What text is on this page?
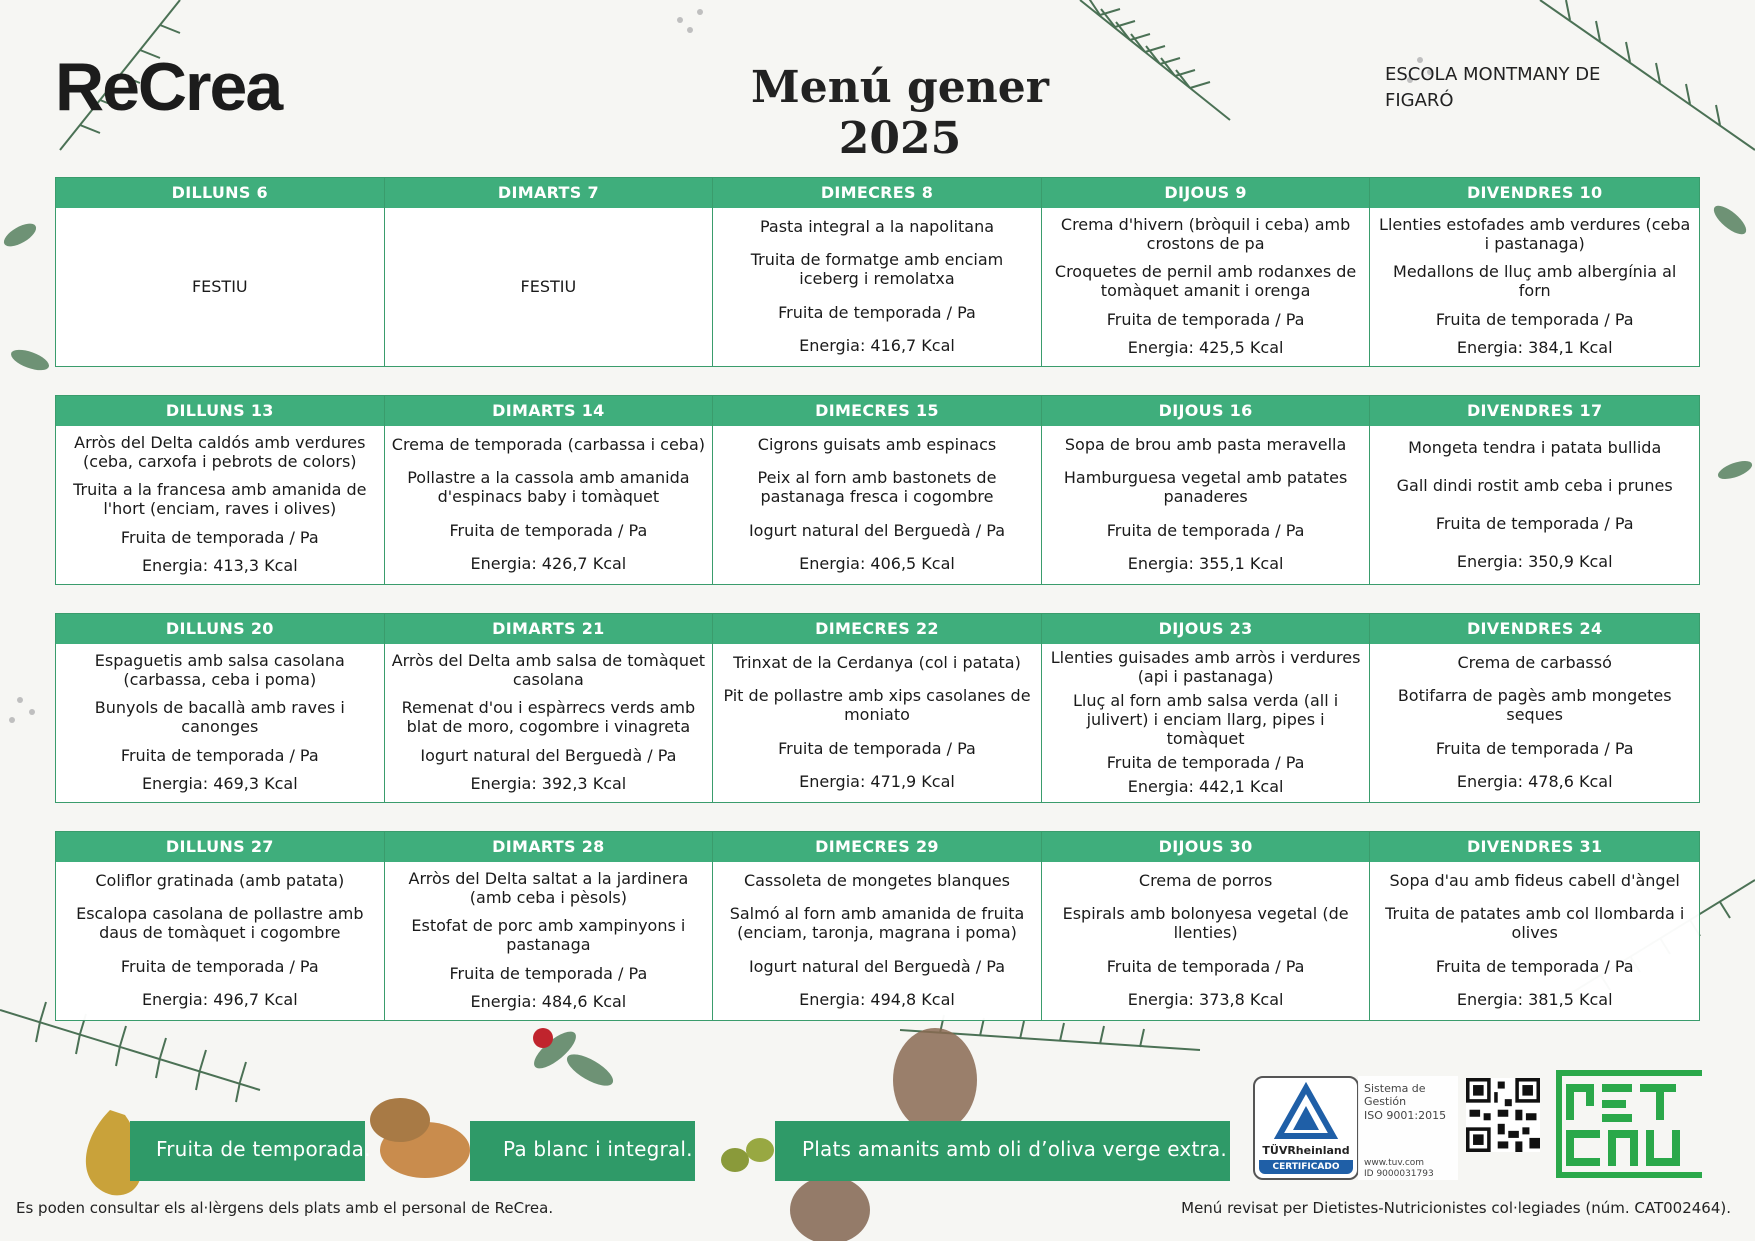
ReCrea	Menú gener 2025
ESCOLA MONTMANY DE FIGARÓ
DILLUNS 6
FESTIU
DIMARTS 7
FESTIU
DIMECRES 8
Pasta integral a la napolitana
Truita de formatge amb enciam iceberg i remolatxa
Fruita de temporada / Pa
Energia: 416,7 Kcal
DIJOUS 9
Crema d'hivern (bròquil i ceba) amb crostons de pa
Croquetes de pernil amb rodanxes de tomàquet amanit i orenga
Fruita de temporada / Pa
Energia: 425,5 Kcal
DIVENDRES 10
Llenties estofades amb verdures (ceba i pastanaga)
Medallons de lluç amb albergínia al forn
Fruita de temporada / Pa
Energia: 384,1 Kcal
DILLUNS 13
Arròs del Delta caldós amb verdures (ceba, carxofa i pebrots de colors)
Truita a la francesa amb amanida de l'hort (enciam, raves i olives)
Fruita de temporada / Pa
Energia: 413,3 Kcal
DIMARTS 14
Crema de temporada (carbassa i ceba)
Pollastre a la cassola amb amanida d'espinacs baby i tomàquet
Fruita de temporada / Pa
Energia: 426,7 Kcal
DIMECRES 15
Cigrons guisats amb espinacs
Peix al forn amb bastonets de pastanaga fresca i cogombre
Iogurt natural del Berguedà / Pa
Energia: 406,5 Kcal
DIJOUS 16
Sopa de brou amb pasta meravella
Hamburguesa vegetal amb patates panaderes
Fruita de temporada / Pa
Energia: 355,1 Kcal
DIVENDRES 17
Mongeta tendra i patata bullida
Gall dindi rostit amb ceba i prunes
Fruita de temporada / Pa
Energia: 350,9 Kcal
DILLUNS 20
Espaguetis amb salsa casolana (carbassa, ceba i poma)
Bunyols de bacallà amb raves i canonges
Fruita de temporada / Pa
Energia: 469,3 Kcal
DIMARTS 21
Arròs del Delta amb salsa de tomàquet casolana
Remenat d'ou i espàrrecs verds amb blat de moro, cogombre i vinagreta
Iogurt natural del Berguedà / Pa
Energia: 392,3 Kcal
DIMECRES 22
Trinxat de la Cerdanya (col i patata)
Pit de pollastre amb xips casolanes de moniato
Fruita de temporada / Pa
Energia: 471,9 Kcal
DIJOUS 23
Llenties guisades amb arròs i verdures (api i pastanaga)
Lluç al forn amb salsa verda (all i julivert) i enciam llarg, pipes i tomàquet
Fruita de temporada / Pa
Energia: 442,1 Kcal
DIVENDRES 24
Crema de carbassó
Botifarra de pagès amb mongetes seques
Fruita de temporada / Pa
Energia: 478,6 Kcal
DILLUNS 27
Coliflor gratinada (amb patata)
Escalopa casolana de pollastre amb daus de tomàquet i cogombre
Fruita de temporada / Pa
Energia: 496,7 Kcal
DIMARTS 28
Arròs del Delta saltat a la jardinera (amb ceba i pèsols)
Estofat de porc amb xampinyons i pastanaga
Fruita de temporada / Pa
Energia: 484,6 Kcal
DIMECRES 29
Cassoleta de mongetes blanques
Salmó al forn amb amanida de fruita (enciam, taronja, magrana i poma)
Iogurt natural del Berguedà / Pa
Energia: 494,8 Kcal
DIJOUS 30
Crema de porros
Espirals amb bolonyesa vegetal (de llenties)
Fruita de temporada / Pa
Energia: 373,8 Kcal
DIVENDRES 31
Sopa d'au amb fideus cabell d'àngel
Truita de patates amb col llombarda i olives
Fruita de temporada / Pa
Energia: 381,5 Kcal
Fruita de temporada.	Pa blanc i integral.	Plats amanits amb oli d’oliva verge extra.	TÜVRheinland
CERTIFICADO
Sistema de
Gestión
ISO 9001:2015
www.tuv.com
ID 9000031793
Es poden consultar els al·lèrgens dels plats amb el personal de ReCrea.	Menú revisat per Dietistes-Nutricionistes col·legiades (núm. CAT002464).
